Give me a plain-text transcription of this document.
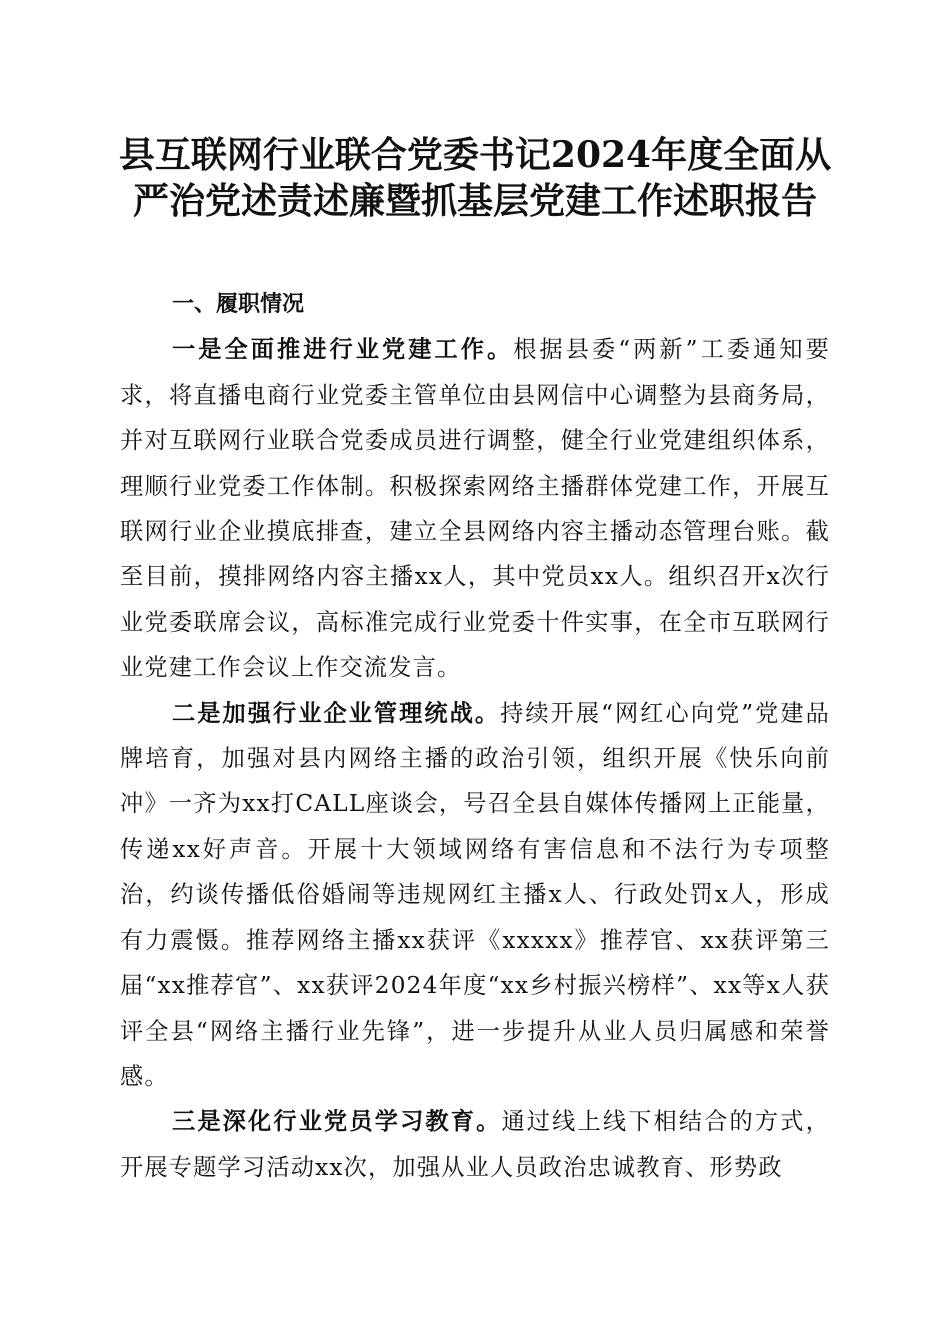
县互联网行业联合党委书记2024年度全面从
严治党述责述廉暨抓基层党建工作述职报告

一、履职情况

一是全面推进行业党建工作。根据县委“两新”工委通知要求，将直播电商行业党委主管单位由县网信中心调整为县商务局，并对互联网行业联合党委成员进行调整，健全行业党建组织体系，理顺行业党委工作体制。积极探索网络主播群体党建工作，开展互联网行业企业摸底排查，建立全县网络内容主播动态管理台账。截至目前，摸排网络内容主播xx人，其中党员xx人。组织召开x次行业党委联席会议，高标准完成行业党委十件实事，在全市互联网行业党建工作会议上作交流发言。

二是加强行业企业管理统战。持续开展“网红心向党”党建品牌培育，加强对县内网络主播的政治引领，组织开展《快乐向前冲》一齐为xx打CALL座谈会，号召全县自媒体传播网上正能量，传递xx好声音。开展十大领域网络有害信息和不法行为专项整治，约谈传播低俗婚闹等违规网红主播x人、行政处罚x人，形成有力震慑。推荐网络主播xx获评《xxxxx》推荐官、xx获评第三届“xx推荐官”、xx获评2024年度“xx乡村振兴榜样”、xx等x人获评全县“网络主播行业先锋”，进一步提升从业人员归属感和荣誉感。

三是深化行业党员学习教育。通过线上线下相结合的方式，开展专题学习活动xx次，加强从业人员政治忠诚教育、形势政
